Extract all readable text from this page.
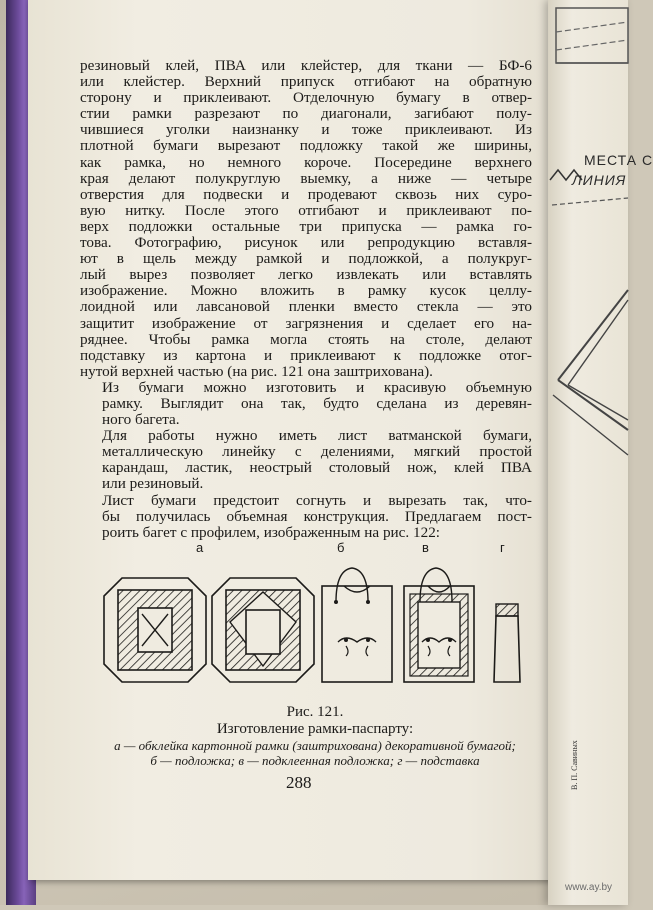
МЕСТА С
ЛИНИЯ
В. П. Савиных

резиновый клей, ПВА или клейстер, для ткани — БФ-6
или клейстер. Верхний припуск отгибают на обратную
сторону и приклеивают. Отделочную бумагу в отвер-
стии рамки разрезают по диагонали, загибают полу-
чившиеся уголки наизнанку и тоже приклеивают. Из
плотной бумаги вырезают подложку такой же ширины,
как рамка, но немного короче. Посередине верхнего
края делают полукруглую выемку, а ниже — четыре
отверстия для подвески и продевают сквозь них суро-
вую нитку. После этого отгибают и приклеивают по-
верх подложки остальные три припуска — рамка го-
това. Фотографию, рисунок или репродукцию вставля-
ют в щель между рамкой и подложкой, а полукруг-
лый вырез позволяет легко извлекать или вставлять
изображение. Можно вложить в рамку кусок целлу-
лоидной или лавсановой пленки вместо стекла — это
защитит изображение от загрязнения и сделает его на-
ряднее. Чтобы рамка могла стоять на столе, делают
подставку из картона и приклеивают к подложке отог-
нутой верхней частью (на рис. 121 она заштрихована).

Из бумаги можно изготовить и красивую объемную
рамку. Выглядит она так, будто сделана из деревян-
ного багета.

Для работы нужно иметь лист ватманской бумаги,
металлическую линейку с делениями, мягкий простой
карандаш, ластик, неострый столовый нож, клей ПВА
или резиновый.

Лист бумаги предстоит согнуть и вырезать так, что-
бы получилась объемная конструкция. Предлагаем пост-
роить багет с профилем, изображенным на рис. 122:

а	б	в	г
Рис. 121.
Изготовление рамки-паспарту:
а — обклейка картонной рамки (заштрихована) декоративной бумагой;
б — подложка; в — подклеенная подложка; г — подставка
288
www.ay.by
